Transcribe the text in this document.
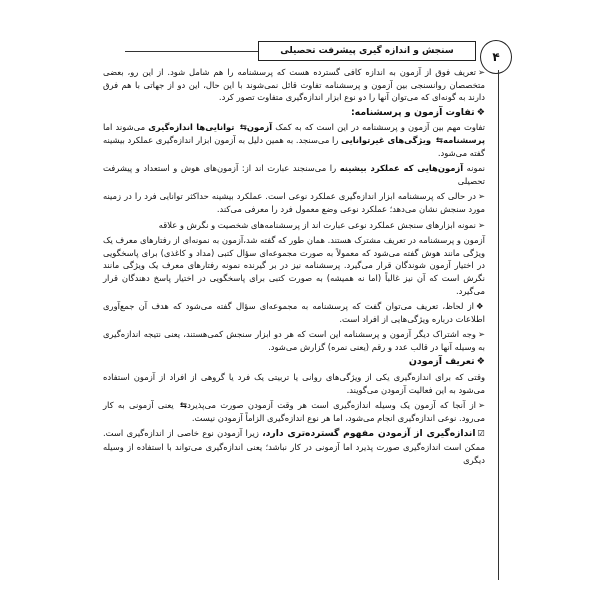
سنجش و اندازه گیری پیشرفت تحصیلی	۴

➢تعریف فوق از آزمون به اندازه کافی گسترده هست که پرسشنامه را هم شامل شود. از این رو، بعضی متخصصان روانسنجی بین آزمون و پرسشنامه تفاوت قائل نمی‌شوند با این حال، این دو از جهاتی با هم فرق دارند به گونه‌ای که می‌توان آنها را دو نوع ابزار اندازه‌گیری متفاوت تصور کرد.

❖تفاوت آزمون و پرسشنامه:

تفاوت مهم بین آزمون و پرسشنامه در این است که به کمک آزمون⇆ توانایی‌ها اندازه‌گیری می‌شوند اما پرسشنامه⇆ ویژگی‌های غیرتوانایی را می‌سنجد. به همین دلیل به آزمون ابزار اندازه‌گیری عملکرد بیشینه گفته می‌شود.

نمونه آزمون‌هایی که عملکرد بیشینه را می‌سنجند عبارت اند از: آزمون‌های هوش و استعداد و پیشرفت تحصیلی

➢در حالی که پرسشنامه ابزار اندازه‌گیری عملکرد نوعی است. عملکرد بیشینه حداکثر توانایی فرد را در زمینه مورد سنجش نشان می‌دهد؛ عملکرد نوعی وضع معمول فرد را معرفی می‌کند.

➢نمونه ابزارهای سنجش عملکرد نوعی عبارت اند از پرسشنامه‌های شخصیت و نگرش و علاقه

آزمون و پرسشنامه در تعریف مشترک هستند. همان طور که گفته شد،آزمون به نمونه‌ای از رفتارهای معرف یک ویژگی مانند هوش گفته می‌شود که معمولاً به صورت مجموعه‌ای سؤال کتبی (مداد و کاغذی) برای پاسخگویی در اختیار آزمون شوندگان قرار می‌گیرد. پرسشنامه نیز در بر گیرنده نمونه رفتارهای معرف یک ویژگی مانند نگرش است که آن نیز غالباً (اما نه همیشه) به صورت کتبی برای پاسخگویی در اختیار پاسخ دهندگان قرار می‌گیرد.

❖از لحاظ، تعریف می‌توان گفت که پرسشنامه به مجموعه‌ای سؤال گفته می‌شود که هدف آن جمع‌آوری اطلاعات درباره ویژگی‌هایی از افراد است.

➢وجه اشتراک دیگر آزمون و پرسشنامه این است که هر دو ابزار سنجش کمی‌هستند، یعنی نتیجه اندازه‌گیری به وسیله آنها در قالب عدد و رقم (یعنی نمره) گزارش می‌شود.

❖تعریف آزمودن

وقتی که برای اندازه‌گیری یکی از ویژگی‌های روانی یا تربیتی یک فرد یا گروهی از افراد از آزمون استفاده می‌شود به این فعالیت آزمودن می‌گویند.

➢از آنجا که آزمون یک وسیله اندازه‌گیری است هر وقت آزمودن صورت می‌پذیرد⇆ یعنی آزمونی به کار می‌رود. نوعی اندازه‌گیری انجام می‌شود، اما هر نوع اندازه‌گیری الزاماً آزمودن نیست.

☑اندازه‌گیری از آزمودن مفهوم گسترده‌تری دارد، زیرا آزمودن نوع خاصی از اندازه‌گیری است. ممکن است اندازه‌گیری صورت پذیرد اما آزمونی در کار نباشد؛ یعنی اندازه‌گیری می‌تواند با استفاده از وسیله دیگری
